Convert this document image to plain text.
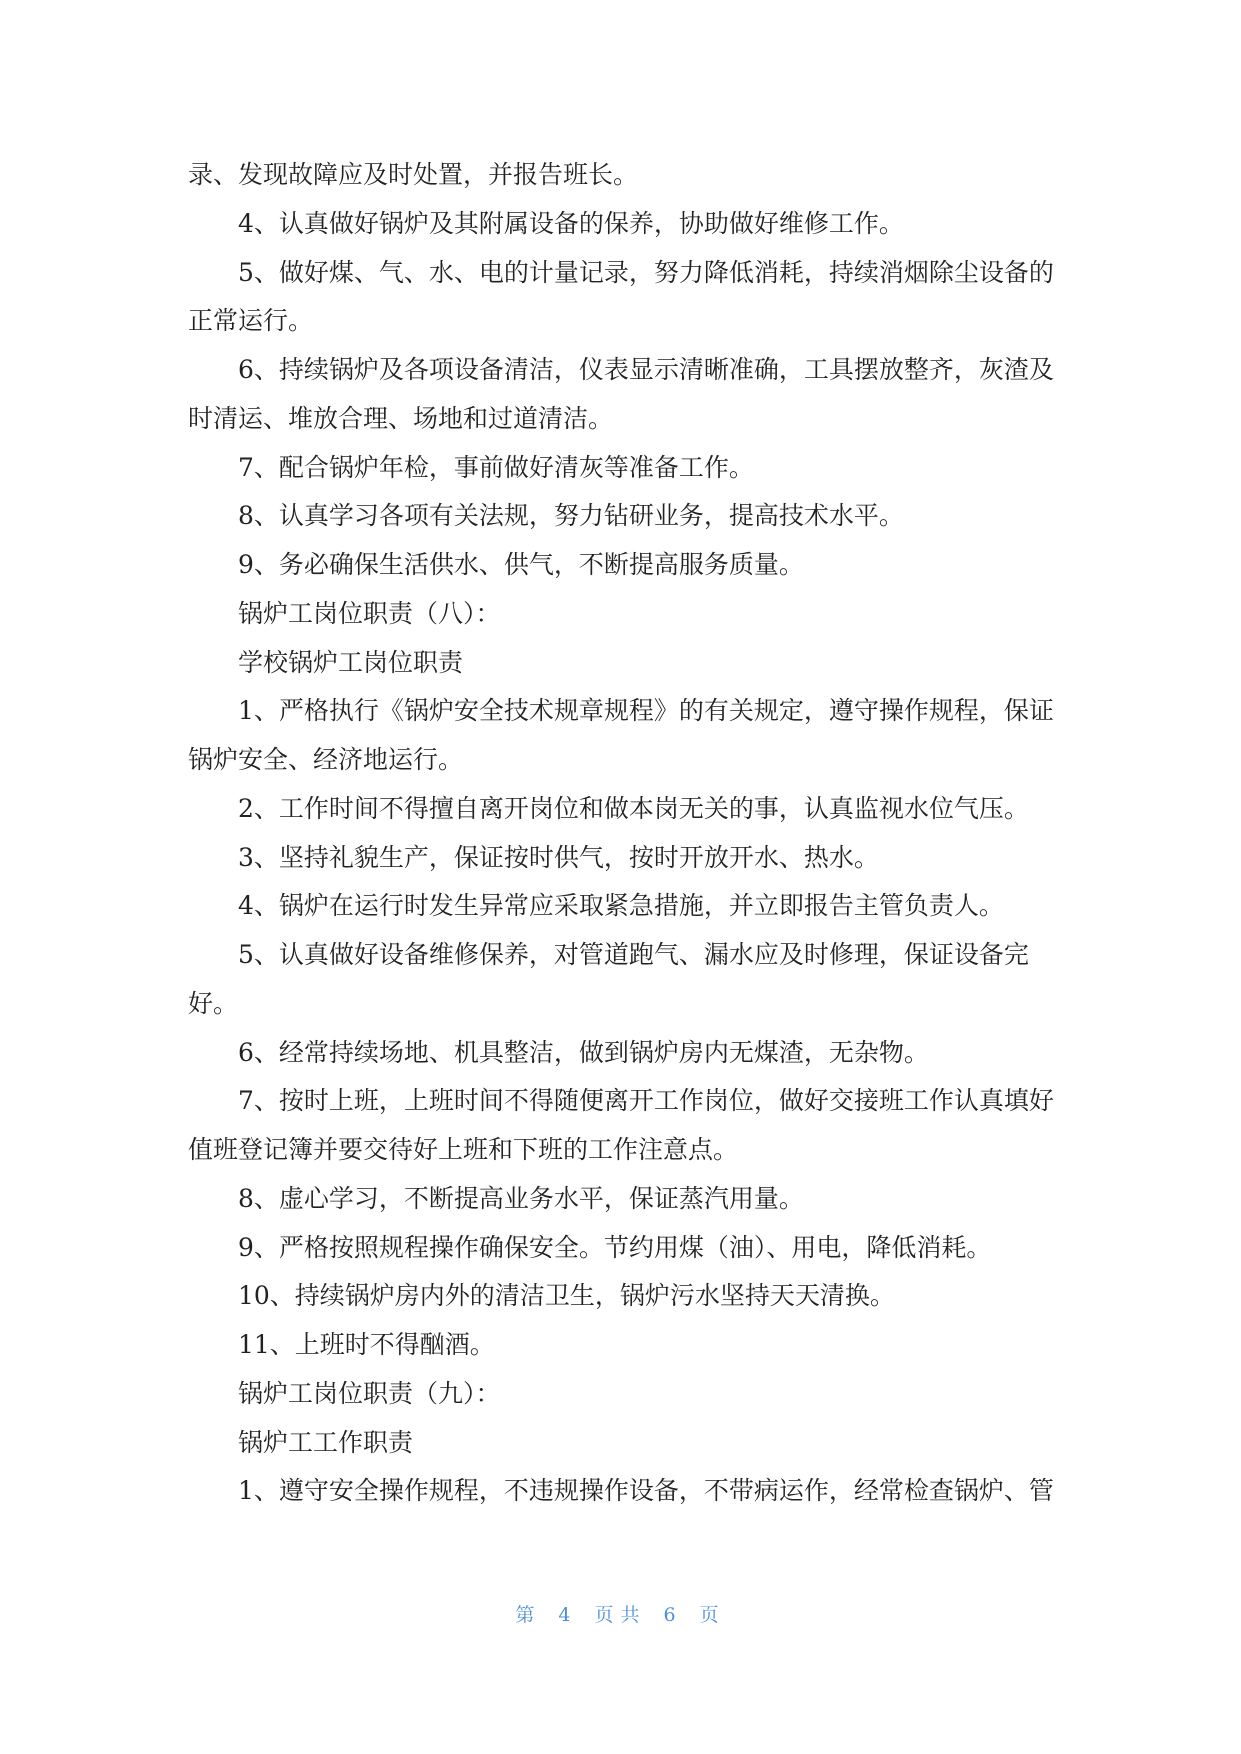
录、发现故障应及时处置，并报告班长。
4、认真做好锅炉及其附属设备的保养，协助做好维修工作。
5、做好煤、气、水、电的计量记录，努力降低消耗，持续消烟除尘设备的
正常运行。
6、持续锅炉及各项设备清洁，仪表显示清晰准确，工具摆放整齐，灰渣及
时清运、堆放合理、场地和过道清洁。
7、配合锅炉年检，事前做好清灰等准备工作。
8、认真学习各项有关法规，努力钻研业务，提高技术水平。
9、务必确保生活供水、供气，不断提高服务质量。
锅炉工岗位职责（八）：
学校锅炉工岗位职责
1、严格执行《锅炉安全技术规章规程》的有关规定，遵守操作规程，保证
锅炉安全、经济地运行。
2、工作时间不得擅自离开岗位和做本岗无关的事，认真监视水位气压。
3、坚持礼貌生产，保证按时供气，按时开放开水、热水。
4、锅炉在运行时发生异常应采取紧急措施，并立即报告主管负责人。
5、认真做好设备维修保养，对管道跑气、漏水应及时修理，保证设备完
好。
6、经常持续场地、机具整洁，做到锅炉房内无煤渣，无杂物。
7、按时上班，上班时间不得随便离开工作岗位，做好交接班工作认真填好
值班登记簿并要交待好上班和下班的工作注意点。
8、虚心学习，不断提高业务水平，保证蒸汽用量。
9、严格按照规程操作确保安全。节约用煤（油）、用电，降低消耗。
10、持续锅炉房内外的清洁卫生，锅炉污水坚持天天清换。
11、上班时不得酗酒。
锅炉工岗位职责（九）：
锅炉工工作职责
1、遵守安全操作规程，不违规操作设备，不带病运作，经常检查锅炉、管
第 4 页共 6 页
